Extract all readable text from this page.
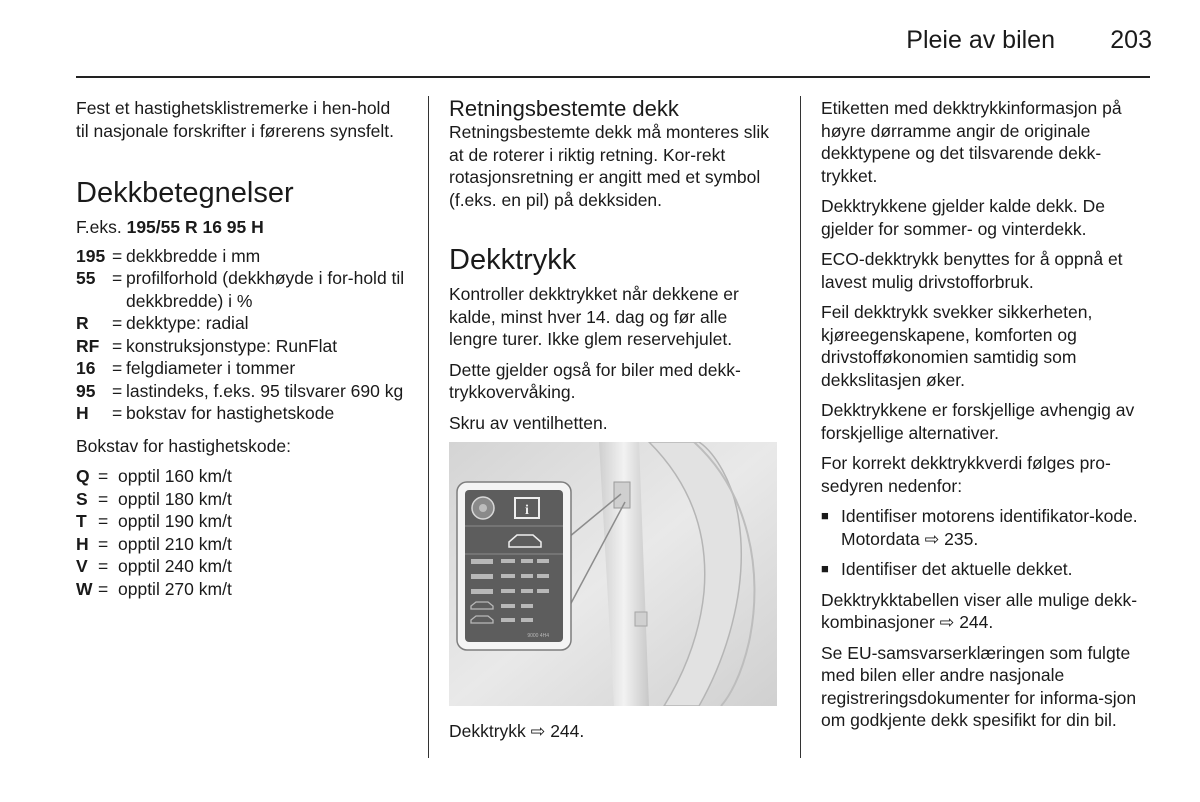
Pleie av bilen 203

Fest et hastighetsklistremerke i hen-hold til nasjonale forskrifter i førerens synsfelt.

Dekkbetegnelser

F.eks. 195/55 R 16 95 H

195 = dekkbredde i mm
55 = profilforhold (dekkhøyde i for-hold til dekkbredde) i %
R	= dekktype: radial
RF = konstruksjonstype: RunFlat
16 = felgdiameter i tommer
95 = lastindeks, f.eks. 95 tilsvarer 690 kg
H	= bokstav for hastighetskode

Bokstav for hastighetskode:

Q = opptil 160 km/t
S = opptil 180 km/t
T = opptil 190 km/t
H = opptil 210 km/t
V = opptil 240 km/t
W = opptil 270 km/t
Retningsbestemte dekk

Retningsbestemte dekk må monteres slik at de roterer i riktig retning. Kor-rekt rotasjonsretning er angitt med et symbol (f.eks. en pil) på dekksiden.

Dekktrykk

Kontroller dekktrykket når dekkene er kalde, minst hver 14. dag og før alle lengre turer. Ikke glem reservehjulet.

Dette gjelder også for biler med dekk-trykkovervåking.

Skru av ventilhetten.

i
9000 4H4

Dekktrykk ⇨ 244.

Etiketten med dekktrykkinformasjon på høyre dørramme angir de originale dekktypene og det tilsvarende dekk-trykket.

Dekktrykkene gjelder kalde dekk. De gjelder for sommer- og vinterdekk.

ECO-dekktrykk benyttes for å oppnå et lavest mulig drivstofforbruk.

Feil dekktrykk svekker sikkerheten, kjøreegenskapene, komforten og drivstofføkonomien samtidig som dekkslitasjen øker.

Dekktrykkene er forskjellige avhengig av forskjellige alternativer.

For korrekt dekktrykkverdi følges pro-sedyren nedenfor:

■ Identifiser motorens identifikator-kode. Motordata ⇨ 235.
■ Identifiser det aktuelle dekket.

Dekktrykktabellen viser alle mulige dekk-kombinasjoner ⇨ 244.

Se EU-samsvarserklæringen som fulgte med bilen eller andre nasjonale registreringsdokumenter for informa-sjon om godkjente dekk spesifikt for din bil.
